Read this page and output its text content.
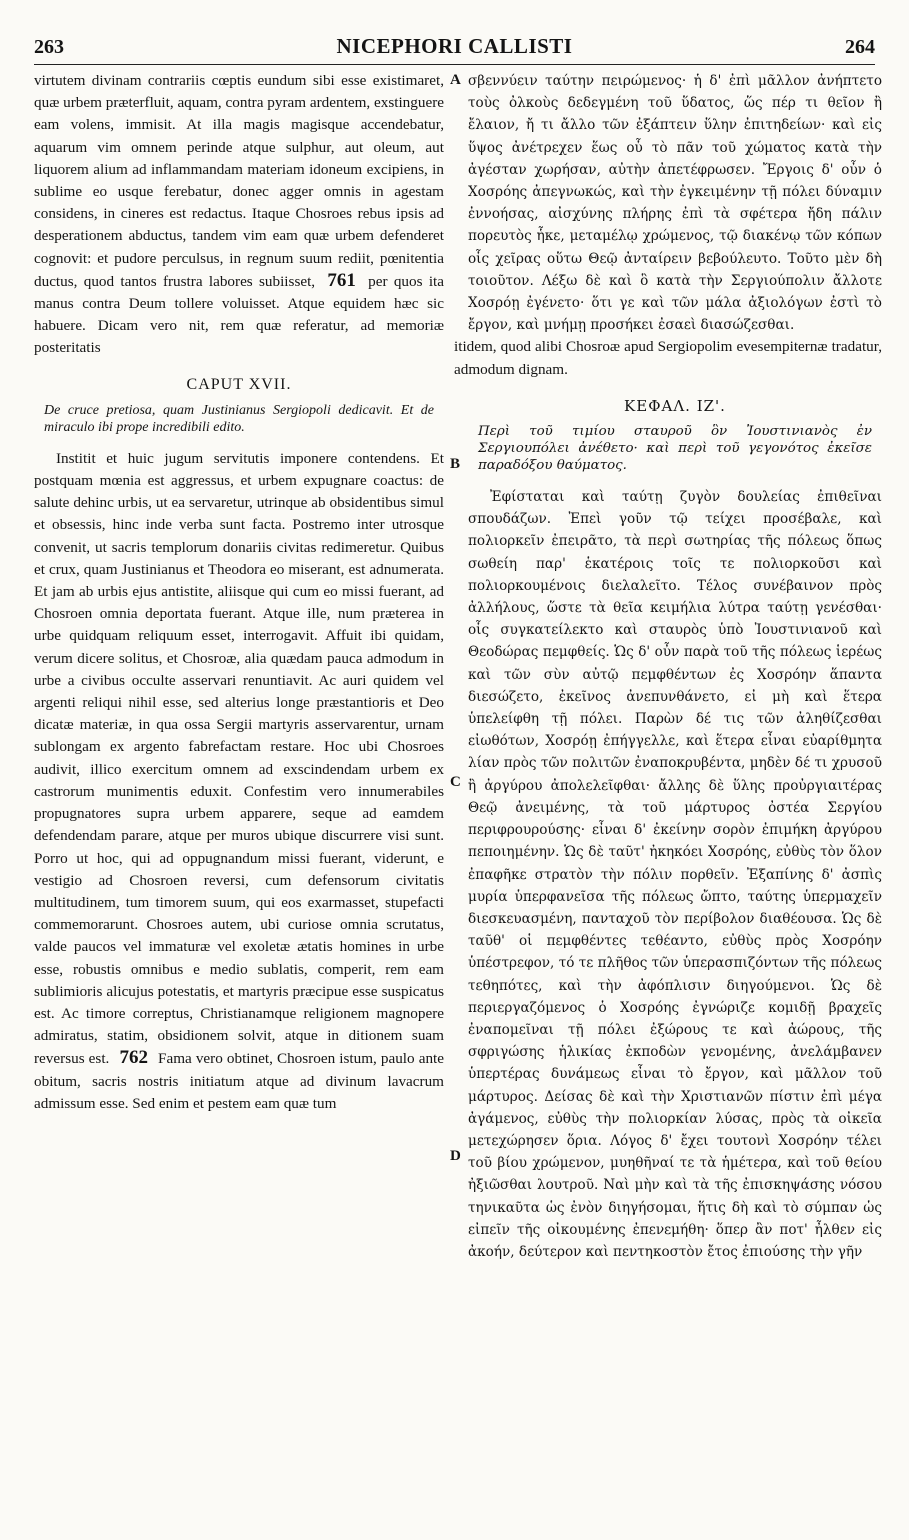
263	NICEPHORI CALLISTI	264
A
B
C
D

virtutem divinam contrariis cœptis eundum sibi esse existimaret, quæ urbem præterfluit, aquam, contra pyram ardentem, exstinguere eam volens, immisit. At illa magis magisque accendebatur, aquarum vim omnem perinde atque sulphur, aut oleum, aut liquorem alium ad inflammandam materiam idoneum excipiens, in sublime eo usque ferebatur, donec agger omnis in agestam considens, in cineres est redactus. Itaque Chosroes rebus ipsis ad desperationem abductus, tandem vim eam quæ urbem defenderet cognovit: et pudore perculsus, in regnum suum rediit, pœnitentia ductus, quod tantos frustra labores subiisset, 761 per quos ita manus contra Deum tollere voluisset. Atque equidem hæc sic habuere. Dicam vero nit, rem quæ referatur, ad memoriæ posteritatis

CAPUT XVII.
De cruce pretiosa, quam Justinianus Sergiopoli dedicavit. Et de miraculo ibi prope incredibili edito.

Institit et huic jugum servitutis imponere contendens. Et postquam mœnia est aggressus, et urbem expugnare coactus: de salute dehinc urbis, ut ea servaretur, utrinque ab obsidentibus simul et obsessis, hinc inde verba sunt facta. Postremo inter utrosque convenit, ut sacris templorum donariis civitas redimeretur. Quibus et crux, quam Justinianus et Theodora eo miserant, est adnumerata. Et jam ab urbis ejus antistite, aliisque qui cum eo missi fuerant, ad Chosroen omnia deportata fuerant. Atque ille, num præterea in urbe quidquam reliquum esset, interrogavit. Affuit ibi quidam, verum dicere solitus, et Chosroæ, alia quædam pauca admodum in urbe a civibus occulte asservari renuntiavit. Ac auri quidem vel argenti reliqui nihil esse, sed alterius longe præstantioris et Deo dicatæ materiæ, in qua ossa Sergii martyris asservarentur, urnam sublongam ex argento fabrefactam restare. Hoc ubi Chosroes audivit, illico exercitum omnem ad exscindendam urbem ex castrorum munimentis eduxit. Confestim vero innumerabiles propugnatores supra urbem apparere, seque ad eamdem defendendam parare, atque per muros ubique discurrere visi sunt. Porro ut hoc, qui ad oppugnandum missi fuerant, viderunt, e vestigio ad Chosroen reversi, cum defensorum civitatis multitudinem, tum timorem suum, qui eos exarmasset, stupefacti commemorarunt. Chosroes autem, ubi curiose omnia scrutatus, valde paucos vel immaturæ vel exoletæ ætatis homines in urbe esse, robustis omnibus e medio sublatis, comperit, rem eam sublimioris alicujus potestatis, et martyris præcipue esse suspicatus est. Ac timore correptus, Christianamque religionem magnopere admiratus, statim, obsidionem solvit, atque in ditionem suam reversus est. 762 Fama vero obtinet, Chosroen istum, paulo ante obitum, sacris nostris initiatum atque ad divinum lavacrum admissum esse. Sed enim et pestem eam quæ tum

σβεννύειν ταύτην πειρώμενος· ἡ δ' ἐπὶ μᾶλλον ἀνήπτετο τοὺς ὀλκοὺς δεδεγμένη τοῦ ὕδατος, ὥς πέρ τι θεῖον ἢ ἔλαιον, ἤ τι ἄλλο τῶν ἐξάπτειν ὕλην ἐπιτηδείων· καὶ εἰς ὕψος ἀνέτρεχεν ἕως οὗ τὸ πᾶν τοῦ χώματος κατὰ τὴν ἀγέσταν χωρήσαν, αὐτὴν ἀπετέφρωσεν. Ἔργοις δ' οὖν ὁ Χοσρόης ἀπεγνωκώς, καὶ τὴν ἐγκειμένην τῇ πόλει δύναμιν ἐννοήσας, αἰσχύνης πλήρης ἐπὶ τὰ σφέτερα ἤδη πάλιν πορευτὸς ἧκε, μεταμέλῳ χρώμενος, τῷ διακένῳ τῶν κόπων οἷς χεῖρας οὕτω Θεῷ ἀνταίρειν βεβούλευτο. Τοῦτο μὲν δὴ τοιοῦτον. Λέξω δὲ καὶ ὃ κατὰ τὴν Σεργιούπολιν ἄλλοτε Χοσρόῃ ἐγένετο· ὅτι γε καὶ τῶν μάλα ἀξιολόγων ἐστὶ τὸ ἔργον, καὶ μνήμῃ προσήκει ἐσαεὶ διασώζεσθαι.

itidem, quod alibi Chosroæ apud Sergiopolim evesempiternæ tradatur, admodum dignam.

ΚΕΦΑΛ. ΙΖ'.
Περὶ τοῦ τιμίου σταυροῦ ὃν Ἰουστινιανὸς ἐν Σεργιουπόλει ἀνέθετο· καὶ περὶ τοῦ γεγονότος ἐκεῖσε παραδόξου θαύματος.

Ἐφίσταται καὶ ταύτῃ ζυγὸν δουλείας ἐπιθεῖναι σπουδάζων. Ἐπεὶ γοῦν τῷ τείχει προσέβαλε, καὶ πολιορκεῖν ἐπειρᾶτο, τὰ περὶ σωτηρίας τῆς πόλεως ὅπως σωθείη παρ' ἑκατέροις τοῖς τε πολιορκοῦσι καὶ πολιορκουμένοις διελαλεῖτο. Τέλος συνέβαινον πρὸς ἀλλήλους, ὥστε τὰ θεῖα κειμήλια λύτρα ταύτῃ γενέσθαι· οἷς συγκατείλεκτο καὶ σταυρὸς ὑπὸ Ἰουστινιανοῦ καὶ Θεοδώρας πεμφθείς. Ὡς δ' οὖν παρὰ τοῦ τῆς πόλεως ἱερέως καὶ τῶν σὺν αὐτῷ πεμφθέντων ἐς Χοσρόην ἅπαντα διεσώζετο, ἐκεῖνος ἀνεπυνθάνετο, εἰ μὴ καὶ ἕτερα ὑπελείφθη τῇ πόλει. Παρὼν δέ τις τῶν ἀληθίζεσθαι εἰωθότων, Χοσρόῃ ἐπήγγελλε, καὶ ἕτερα εἶναι εὐαρίθμητα λίαν πρὸς τῶν πολιτῶν ἐναποκρυβέντα, μηδὲν δέ τι χρυσοῦ ἢ ἀργύρου ἀπολελεῖφθαι· ἄλλης δὲ ὕλης προὐργιαιτέρας Θεῷ ἀνειμένης, τὰ τοῦ μάρτυρος ὀστέα Σεργίου περιφρουρούσης· εἶναι δ' ἐκείνην σορὸν ἐπιμήκη ἀργύρου πεποιημένην. Ὡς δὲ ταῦτ' ἠκηκόει Χοσρόης, εὐθὺς τὸν ὅλον ἐπαφῆκε στρατὸν τὴν πόλιν πορθεῖν. Ἐξαπίνης δ' ἀσπὶς μυρία ὑπερφανεῖσα τῆς πόλεως ὤπτο, ταύτης ὑπερμαχεῖν διεσκευασμένη, πανταχοῦ τὸν περίβολον διαθέουσα. Ὡς δὲ ταῦθ' οἱ πεμφθέντες τεθέαντο, εὐθὺς πρὸς Χοσρόην ὑπέστρεφον, τό τε πλῆθος τῶν ὑπερασπιζόντων τῆς πόλεως τεθηπότες, καὶ τὴν ἀφόπλισιν διηγούμενοι. Ὡς δὲ περιεργαζόμενος ὁ Χοσρόης ἐγνώριζε κομιδῇ βραχεῖς ἐναπομεῖναι τῇ πόλει ἐξώρους τε καὶ ἀώρους, τῆς σφριγώσης ἡλικίας ἐκποδὼν γενομένης, ἀνελάμβανεν ὑπερτέρας δυνάμεως εἶναι τὸ ἔργον, καὶ μᾶλλον τοῦ μάρτυρος. Δείσας δὲ καὶ τὴν Χριστιανῶν πίστιν ἐπὶ μέγα ἀγάμενος, εὐθὺς τὴν πολιορκίαν λύσας, πρὸς τὰ οἰκεῖα μετεχώρησεν ὅρια. Λόγος δ' ἔχει τουτονὶ Χοσρόην τέλει τοῦ βίου χρώμενον, μυηθῆναί τε τὰ ἡμέτερα, καὶ τοῦ θείου ἠξιῶσθαι λουτροῦ. Ναὶ μὴν καὶ τὰ τῆς ἐπισκηψάσης νόσου τηνικαῦτα ὡς ἐνὸν διηγήσομαι, ἥτις δὴ καὶ τὸ σύμπαν ὡς εἰπεῖν τῆς οἰκουμένης ἐπενεμήθη· ὅπερ ἂν ποτ' ἦλθεν εἰς ἀκοήν, δεύτερον καὶ πεντηκοστὸν ἔτος ἐπιούσης τὴν γῆν
